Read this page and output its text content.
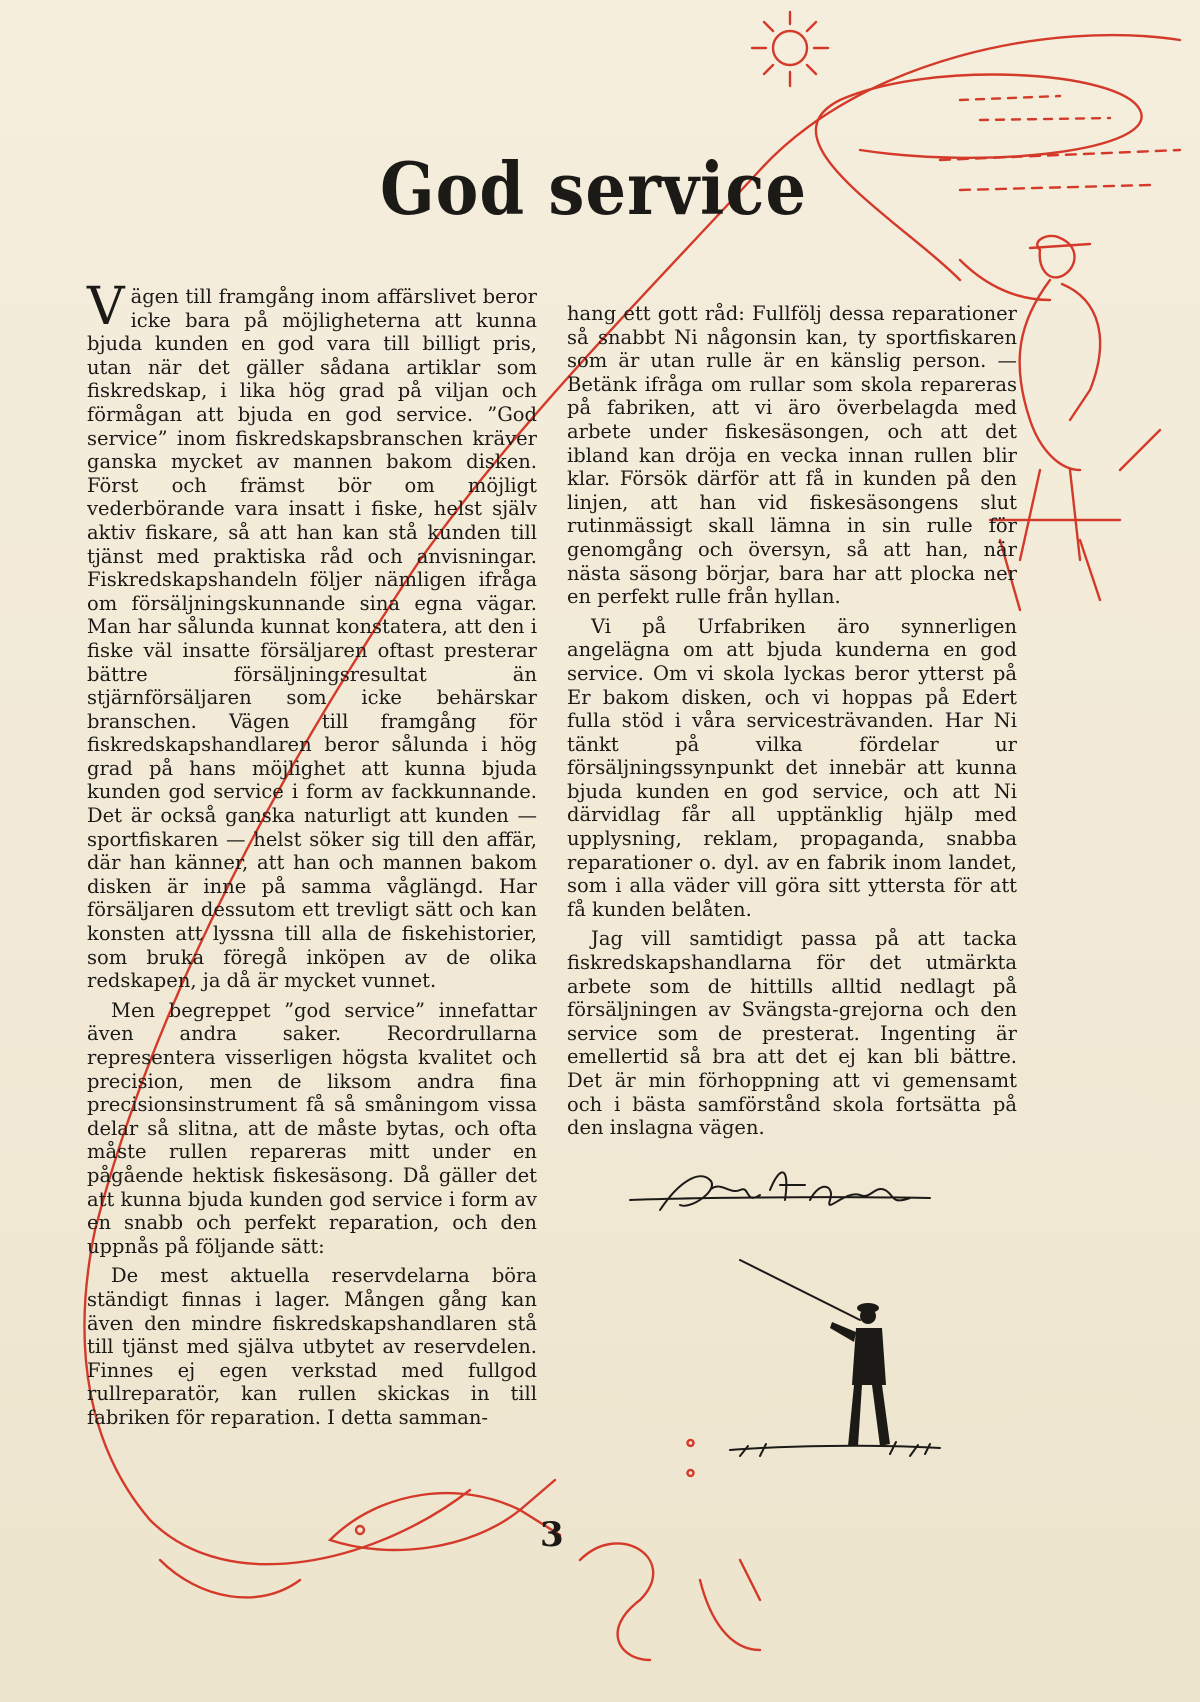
God service

Vägen till framgång inom affärslivet beror icke bara på möjligheterna att kunna bjuda kunden en god vara till billigt pris, utan när det gäller sådana artiklar som fiskredskap, i lika hög grad på viljan och förmågan att bjuda en god service. ”God service” inom fiskredskapsbranschen kräver ganska mycket av mannen bakom disken. Först och främst bör om möjligt vederbörande vara insatt i fiske, helst själv aktiv fiskare, så att han kan stå kunden till tjänst med praktiska råd och anvisningar. Fiskredskapshandeln följer nämligen ifråga om försäljningskunnande sina egna vägar. Man har sålunda kunnat konstatera, att den i fiske väl insatte försäljaren oftast presterar bättre försäljningsresultat än stjärnförsäljaren som icke behärskar branschen. Vägen till framgång för fiskredskapshandlaren beror sålunda i hög grad på hans möjlighet att kunna bjuda kunden god service i form av fackkunnande. Det är också ganska naturligt att kunden — sportfiskaren — helst söker sig till den affär, där han känner, att han och mannen bakom disken är inne på samma våglängd. Har försäljaren dessutom ett trevligt sätt och kan konsten att lyssna till alla de fiskehistorier, som bruka föregå inköpen av de olika redskapen, ja då är mycket vunnet.

Men begreppet ”god service” innefattar även andra saker. Recordrullarna representera visserligen högsta kvalitet och precision, men de liksom andra fina precisionsinstrument få så småningom vissa delar så slitna, att de måste bytas, och ofta måste rullen repareras mitt under en pågående hektisk fiskesäsong. Då gäller det att kunna bjuda kunden god service i form av en snabb och perfekt reparation, och den uppnås på följande sätt:

De mest aktuella reservdelarna böra ständigt finnas i lager. Mången gång kan även den mindre fiskredskapshandlaren stå till tjänst med själva utbytet av reservdelen. Finnes ej egen verkstad med fullgod rullreparatör, kan rullen skickas in till fabriken för reparation. I detta samman-

hang ett gott råd: Fullfölj dessa reparationer så snabbt Ni någonsin kan, ty sportfiskaren som är utan rulle är en känslig person. — Betänk ifråga om rullar som skola repareras på fabriken, att vi äro överbelagda med arbete under fiskesäsongen, och att det ibland kan dröja en vecka innan rullen blir klar. Försök därför att få in kunden på den linjen, att han vid fiskesäsongens slut rutinmässigt skall lämna in sin rulle för genomgång och översyn, så att han, när nästa säsong börjar, bara har att plocka ner en perfekt rulle från hyllan.

Vi på Urfabriken äro synnerligen angelägna om att bjuda kunderna en god service. Om vi skola lyckas beror ytterst på Er bakom disken, och vi hoppas på Edert fulla stöd i våra servicesträvanden. Har Ni tänkt på vilka fördelar ur försäljningssynpunkt det innebär att kunna bjuda kunden en god service, och att Ni därvidlag får all upptänklig hjälp med upplysning, reklam, propaganda, snabba reparationer o. dyl. av en fabrik inom landet, som i alla väder vill göra sitt yttersta för att få kunden belåten.

Jag vill samtidigt passa på att tacka fiskredskapshandlarna för det utmärkta arbete som de hittills alltid nedlagt på försäljningen av Svängsta-grejorna och den service som de presterat. Ingenting är emellertid så bra att det ej kan bli bättre. Det är min förhoppning att vi gemensamt och i bästa samförstånd skola fortsätta på den inslagna vägen.

3
